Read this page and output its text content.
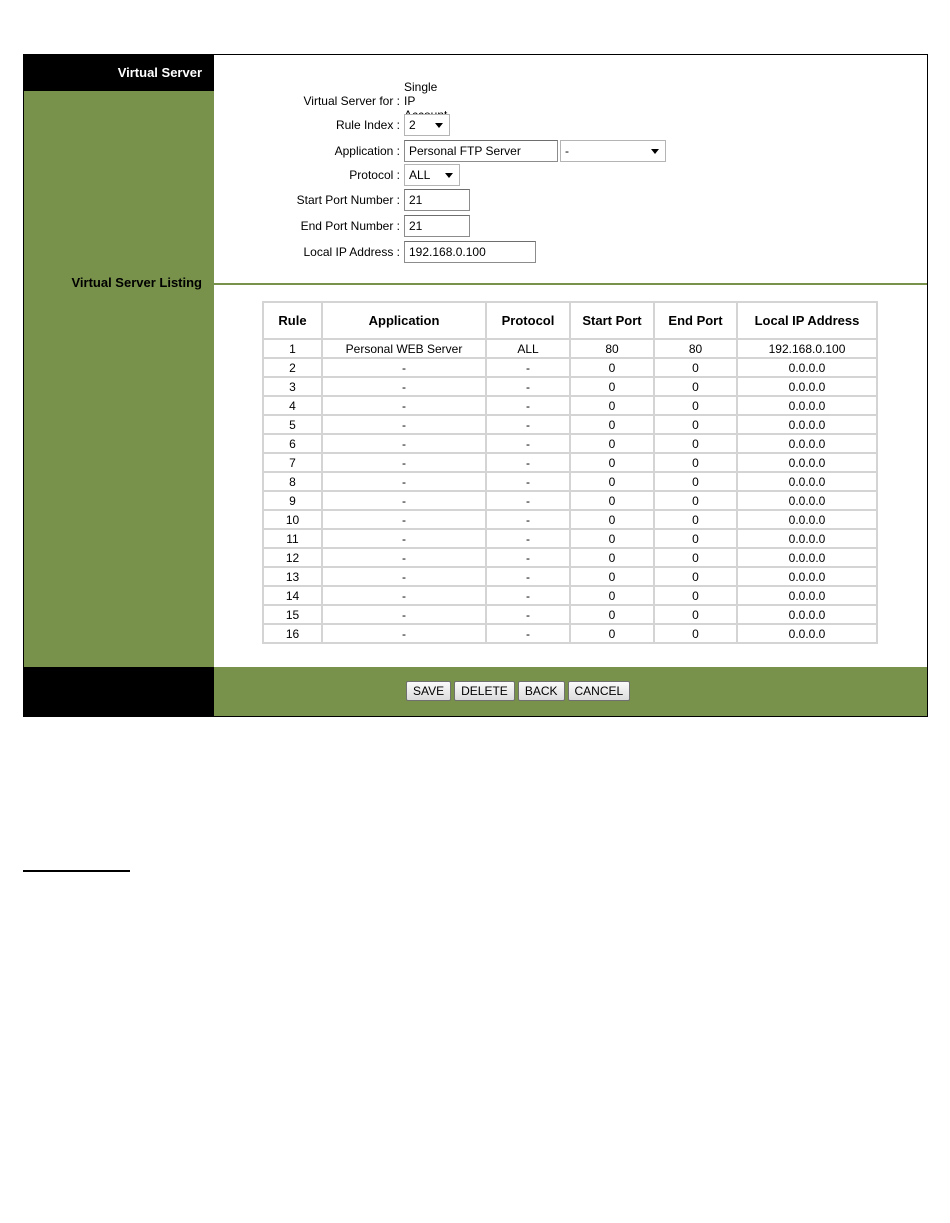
Virtual Server
Virtual Server Listing
Virtual Server for :
Single IP
Rule Index : 2
Application :
Personal FTP Server	-
Protocol : ALL
Start Port Number :
21
End Port Number :
21
Local IP Address :
192.168.0.100
Rule	Application	Protocol	Start Port	End Port	Local IP Address
1	Personal WEB Server	ALL	80	80	192.168.0.100
2	-	-	0	0	0.0.0.0
3	-	-	0	0	0.0.0.0
4	-	-	0	0	0.0.0.0
5	-	-	0	0	0.0.0.0
6	-	-	0	0	0.0.0.0
7	-	-	0	0	0.0.0.0
8	-	-	0	0	0.0.0.0
9	-	-	0	0	0.0.0.0
10	-	-	0	0	0.0.0.0
11	-	-	0	0	0.0.0.0
12	-	-	0	0	0.0.0.0
13	-	-	0	0	0.0.0.0
14	-	-	0	0	0.0.0.0
15	-	-	0	0	0.0.0.0
16	-	-	0	0	0.0.0.0
SAVE	DELETE	BACK	CANCEL
